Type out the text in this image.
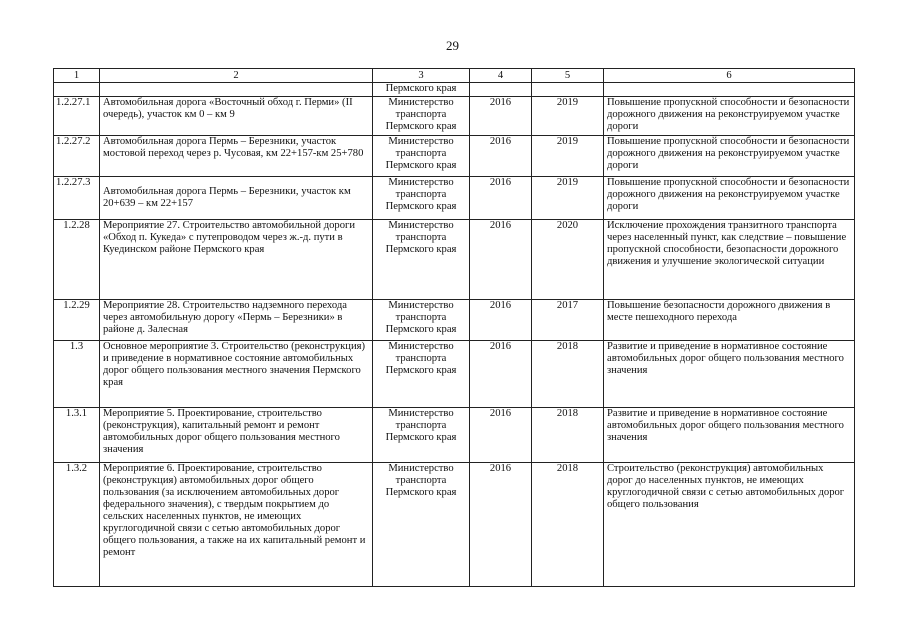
29
1	2	3	4	5	6
		Пермского края			
1.2.27.1	Автомобильная дорога «Восточный обход г. Перми» (II очередь), участок км 0 – км 9	Министерство транспорта Пермского края	2016	2019	Повышение пропускной способности и безопасности дорожного движения на реконструируемом участке дороги
1.2.27.2	Автомобильная дорога Пермь – Березники, участок мостовой переход через р. Чусовая, км 22+157-км 25+780	Министерство транспорта Пермского края	2016	2019	Повышение пропускной способности и безопасности дорожного движения на реконструируемом участке дороги
1.2.27.3	Автомобильная дорога Пермь – Березники, участок км 20+639 – км 22+157	Министерство транспорта Пермского края	2016	2019	Повышение пропускной способности и безопасности дорожного движения на реконструируемом участке дороги
1.2.28	Мероприятие 27. Строительство автомобильной дороги «Обход п. Кукеда» с путепроводом через ж.-д. пути в Куединском районе Пермского края	Министерство транспорта Пермского края	2016	2020	Исключение прохождения транзитного транспорта через населенный пункт, как следствие – повышение пропускной способности, безопасности дорожного движения и улучшение экологической ситуации
1.2.29	Мероприятие 28. Строительство надземного перехода через автомобильную дорогу «Пермь – Березники» в районе д. Залесная	Министерство транспорта Пермского края	2016	2017	Повышение безопасности дорожного движения в месте пешеходного перехода
1.3	Основное мероприятие 3. Строительство (реконструкция) и приведение в нормативное состояние автомобильных дорог общего пользования местного значения Пермского края	Министерство транспорта Пермского края	2016	2018	Развитие и приведение в нормативное состояние автомобильных дорог общего пользования местного значения
1.3.1	Мероприятие 5. Проектирование, строительство (реконструкция), капитальный ремонт и ремонт автомобильных дорог общего пользования местного значения	Министерство транспорта Пермского края	2016	2018	Развитие и приведение в нормативное состояние автомобильных дорог общего пользования местного значения
1.3.2	Мероприятие 6. Проектирование, строительство (реконструкция) автомобильных дорог общего пользования (за исключением автомобильных дорог федерального значения), с твердым покрытием до сельских населенных пунктов, не имеющих круглогодичной связи с сетью автомобильных дорог общего пользования, а также на их капитальный ремонт и ремонт	Министерство транспорта Пермского края	2016	2018	Строительство (реконструкция) автомобильных дорог до населенных пунктов, не имеющих круглогодичной связи с сетью автомобильных дорог общего пользования
